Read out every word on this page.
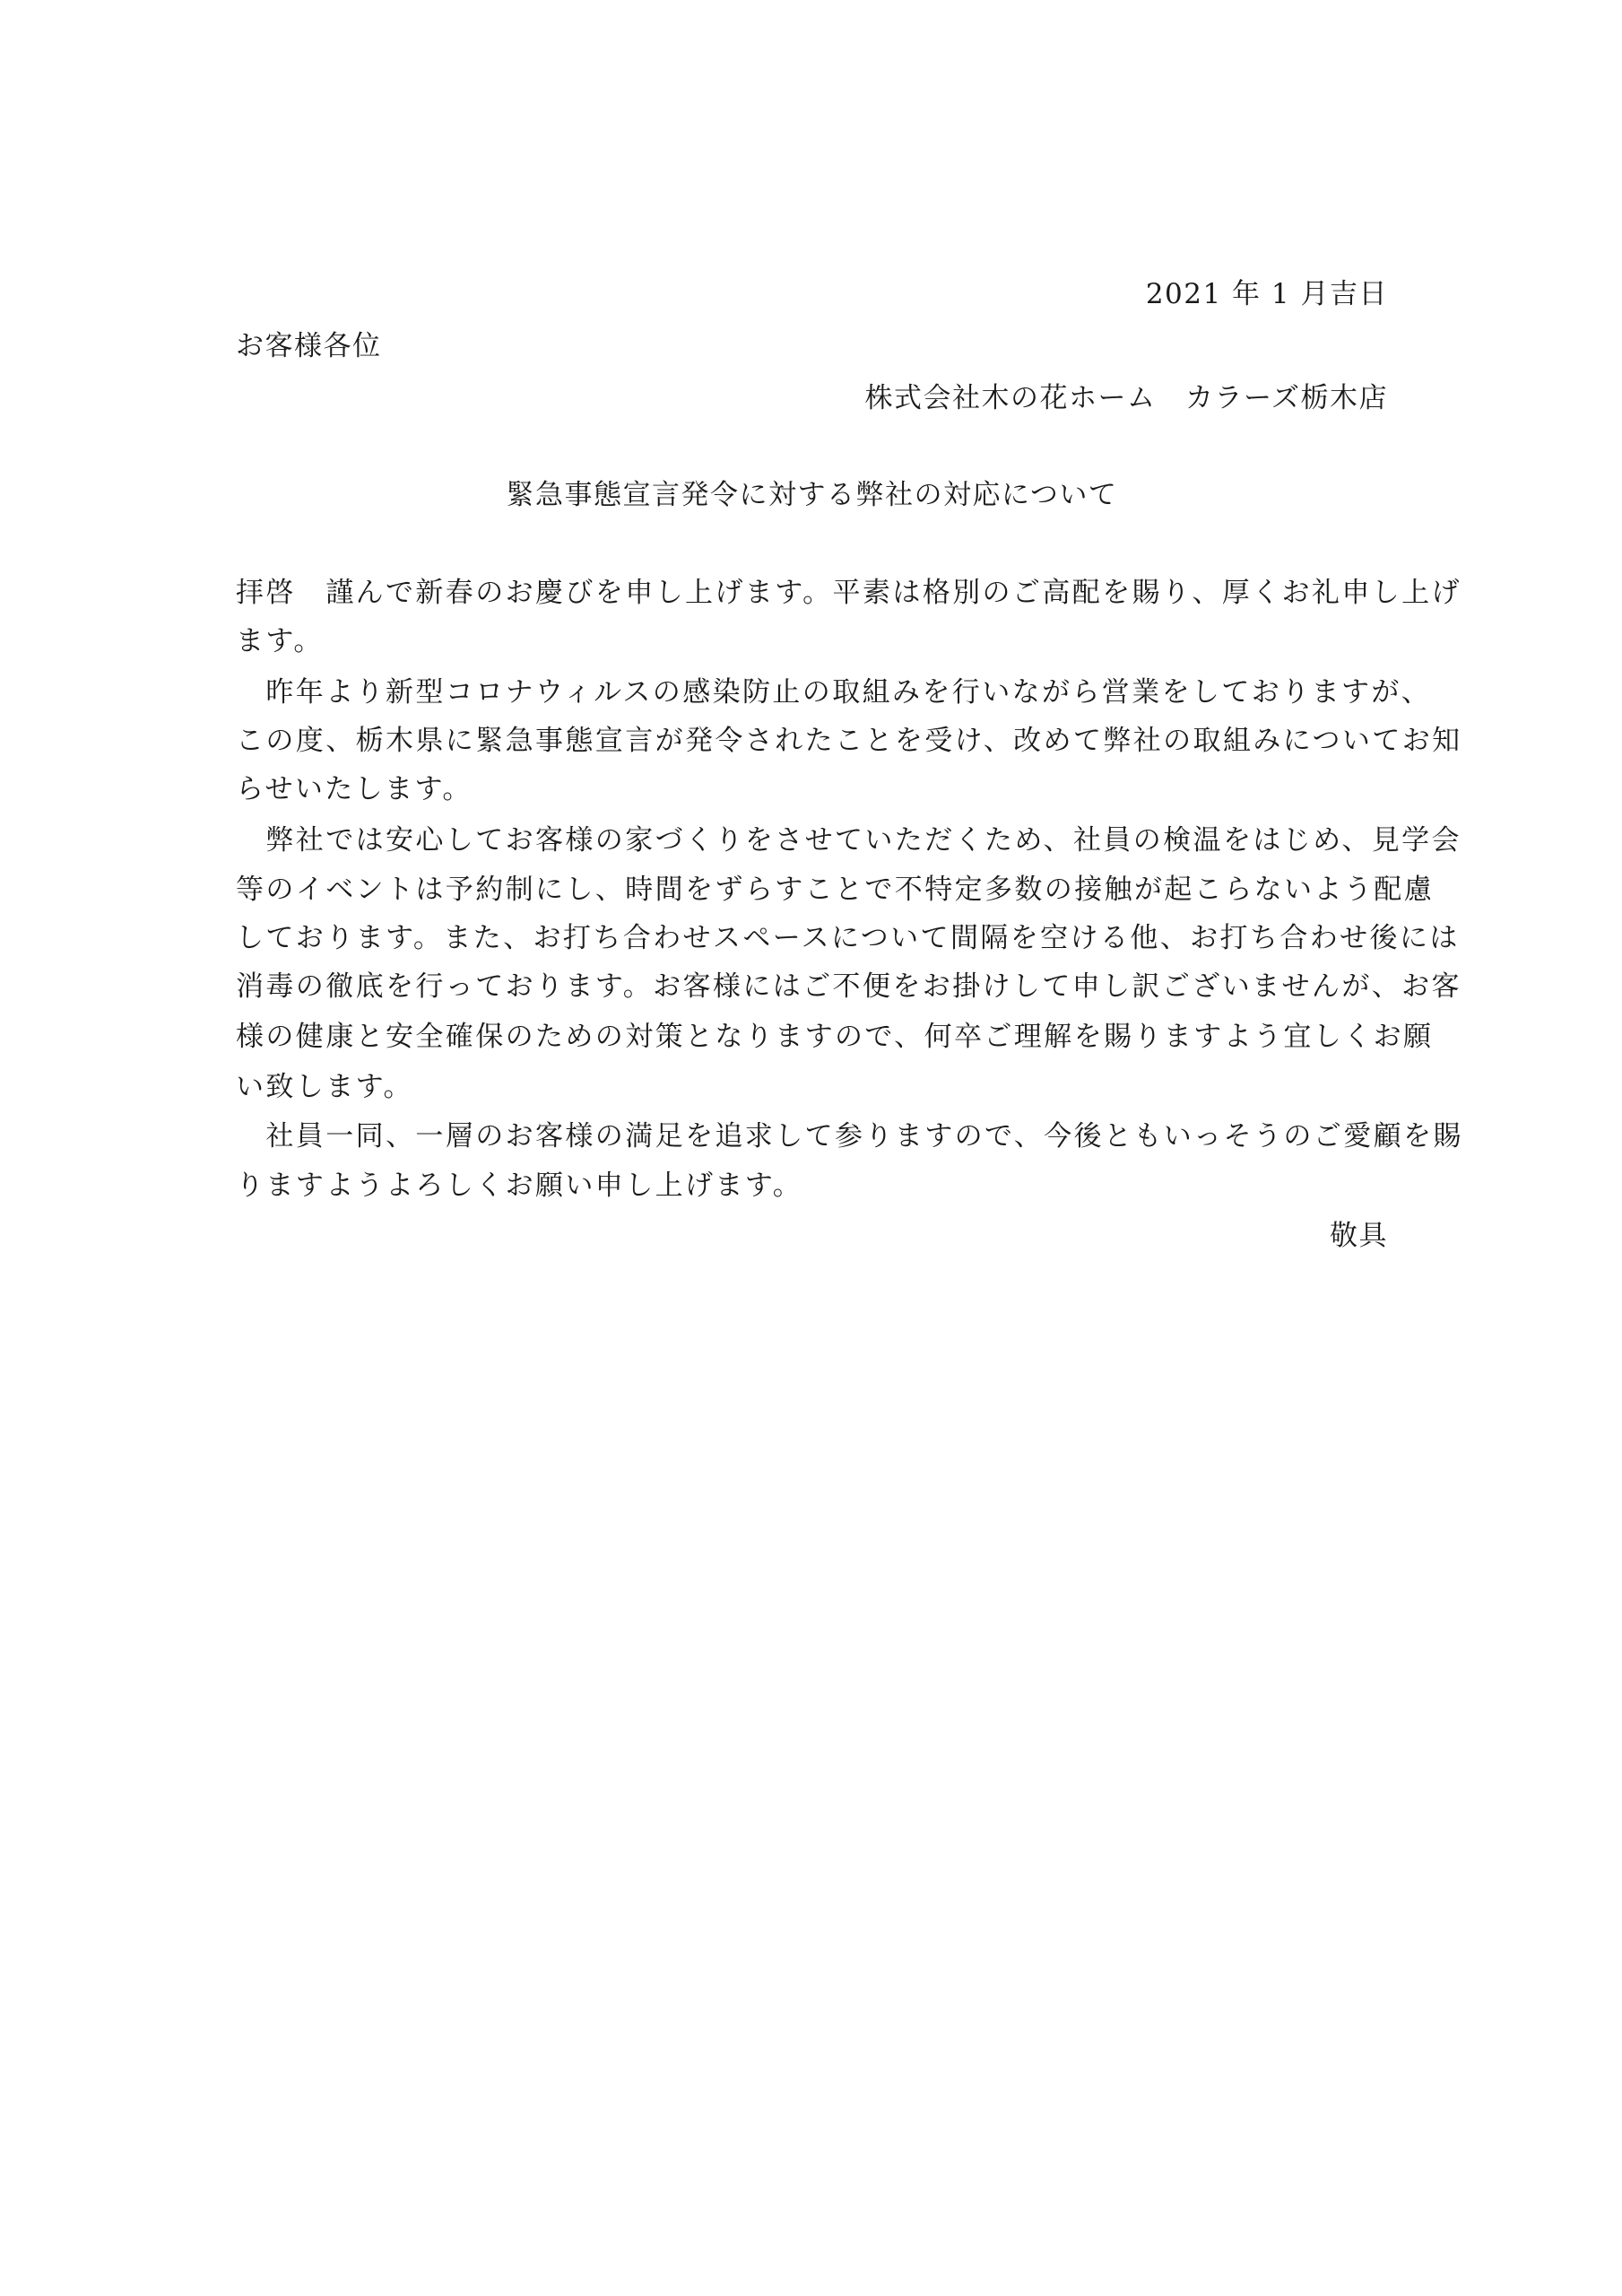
2021 年 1 月吉日
お客様各位
株式会社木の花ホーム　カラーズ栃木店
緊急事態宣言発令に対する弊社の対応について
拝啓　謹んで新春のお慶びを申し上げます。平素は格別のご高配を賜り、厚くお礼申し上げ
ます。
　昨年より新型コロナウィルスの感染防止の取組みを行いながら営業をしておりますが、
この度、栃木県に緊急事態宣言が発令されたことを受け、改めて弊社の取組みについてお知
らせいたします。
　弊社では安心してお客様の家づくりをさせていただくため、社員の検温をはじめ、見学会
等のイベントは予約制にし、時間をずらすことで不特定多数の接触が起こらないよう配慮
しております。また、お打ち合わせスペースについて間隔を空ける他、お打ち合わせ後には
消毒の徹底を行っております。お客様にはご不便をお掛けして申し訳ございませんが、お客
様の健康と安全確保のための対策となりますので、何卒ご理解を賜りますよう宜しくお願
い致します。
　社員一同、一層のお客様の満足を追求して参りますので、今後ともいっそうのご愛顧を賜
りますようよろしくお願い申し上げます。
敬具
